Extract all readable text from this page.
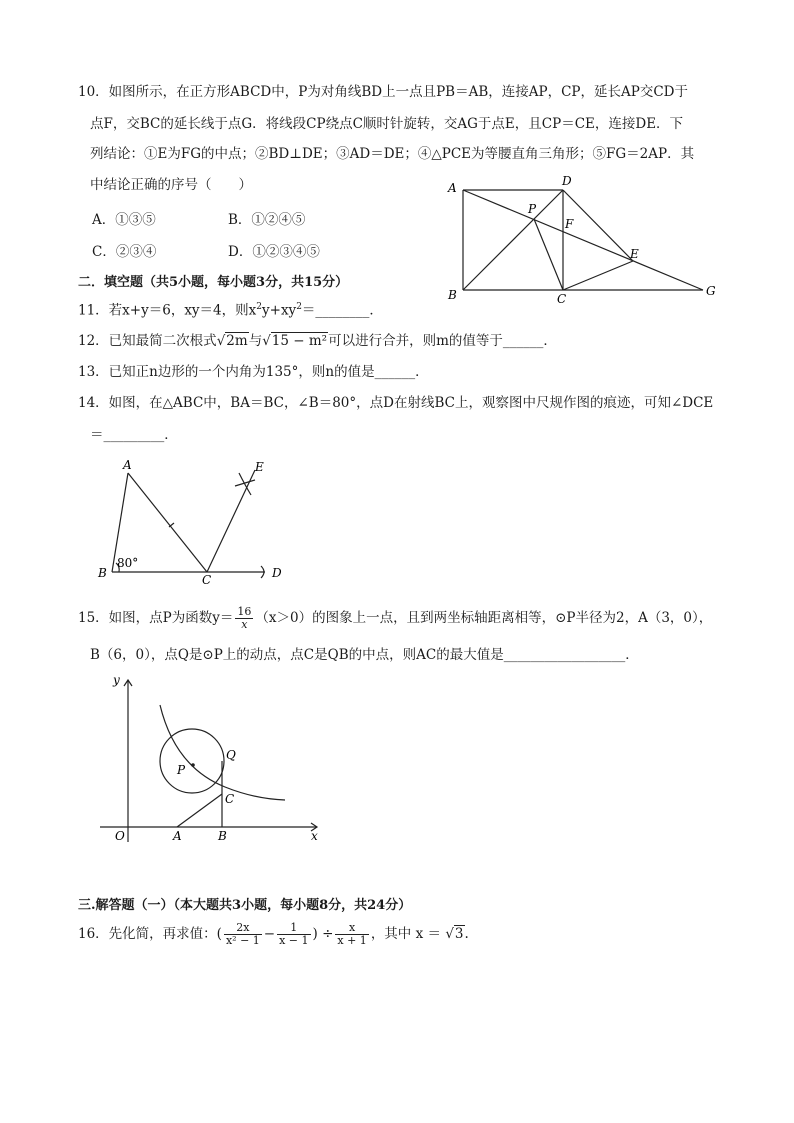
10．如图所示，在正方形ABCD中，P为对角线BD上一点且PB＝AB，连接AP，CP，延长AP交CD于
点F，交BC的延长线于点G．将线段CP绕点C顺时针旋转，交AG于点E，且CP＝CE，连接DE．下
列结论：①E为FG的中点；②BD⊥DE；③AD＝DE；④△PCE为等腰直角三角形；⑤FG＝2AP．其
中结论正确的序号（　　）
A．①③⑤	B．①②④⑤
C．②③④	D．①②③④⑤
A	D
P
F
E
B	C
G
二．填空题（共5小题，每小题3分，共15分）
11．若x+y＝6，xy＝4，则$x^2y+xy^2=\_\_\_\_\_\_\_\_$．
12．已知最简二次根式√2m与√15 − m²可以进行合并，则m的值等于______．
13．已知正n边形的一个内角为135°，则n的值是______．
14．如图，在△ABC中，BA＝BC，∠B＝80°，点D在射线BC上，观察图中尺规作图的痕迹，可知∠DCE
＝_________．
A	E
B
80°
C	D
15．如图，点P为函数$y= \frac{16}{x} (x>0)$的图象上一点，且到两坐标轴距离相等，⊙P半径为2，A（3，0），
B（6，0），点Q是⊙P上的动点，点C是QB的中点，则AC的最大值是__________________．
y
Q
P
C
O	A	B	x
三.解答题（一）（本大题共3小题，每小题8分，共24分）
16．先化简，再求值：( $\frac{2x}{\text{x² − 1}} - \frac{1}{x - 1}$ ) ÷ $\frac{x}{x + 1}$ ，其中 x ＝ √3.
